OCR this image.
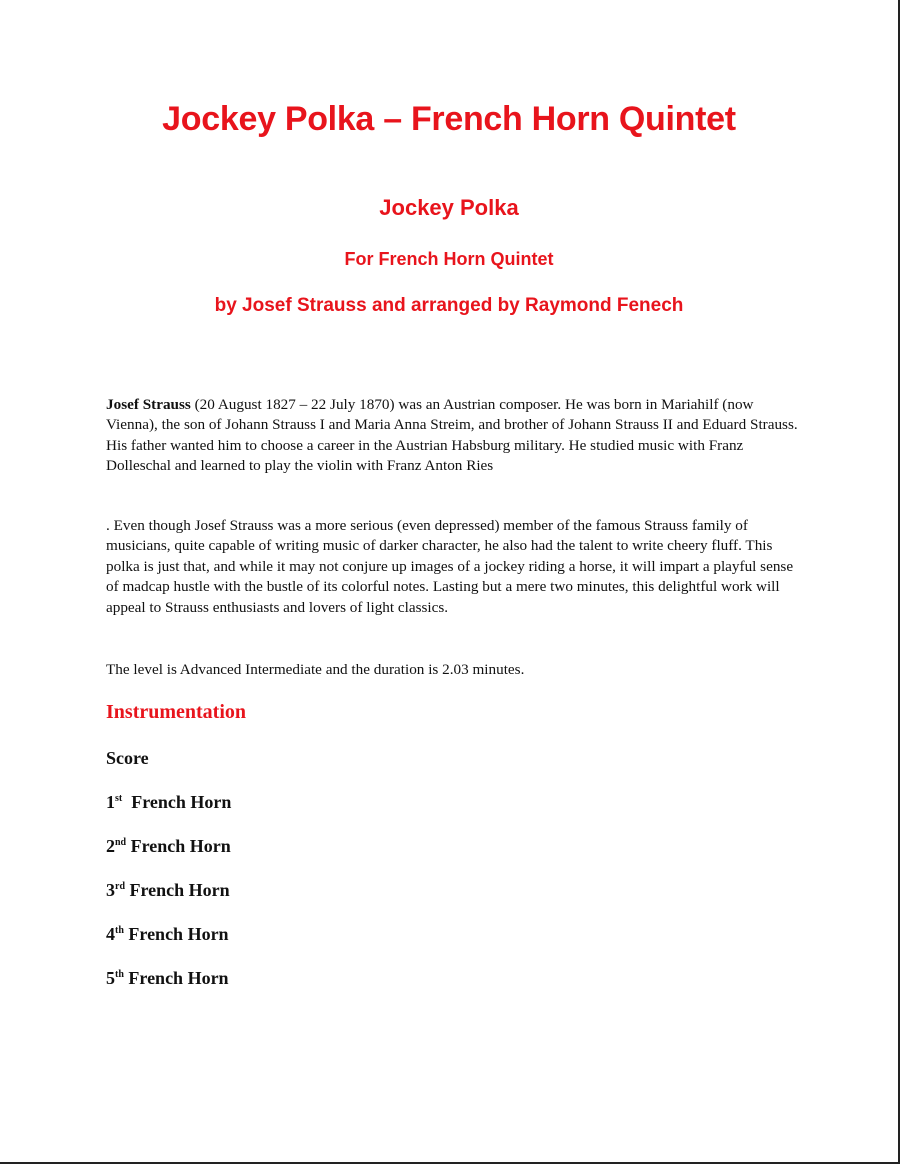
Jockey Polka – French Horn Quintet
Jockey Polka
For French Horn Quintet
by Josef Strauss and arranged by Raymond Fenech

Josef Strauss (20 August 1827 – 22 July 1870) was an Austrian composer. He was born in Mariahilf (now Vienna), the son of Johann Strauss I and Maria Anna Streim, and brother of Johann Strauss II and Eduard Strauss. His father wanted him to choose a career in the Austrian Habsburg military. He studied music with Franz Dolleschal and learned to play the violin with Franz Anton Ries

. Even though Josef Strauss was a more serious (even depressed) member of the famous Strauss family of musicians, quite capable of writing music of darker character, he also had the talent to write cheery fluff. This polka is just that, and while it may not conjure up images of a jockey riding a horse, it will impart a playful sense of madcap hustle with the bustle of its colorful notes. Lasting but a mere two minutes, this delightful work will appeal to Strauss enthusiasts and lovers of light classics.

The level is Advanced Intermediate and the duration is 2.03 minutes.

Instrumentation

Score

1st  French Horn

2nd French Horn

3rd French Horn

4th French Horn

5th French Horn
